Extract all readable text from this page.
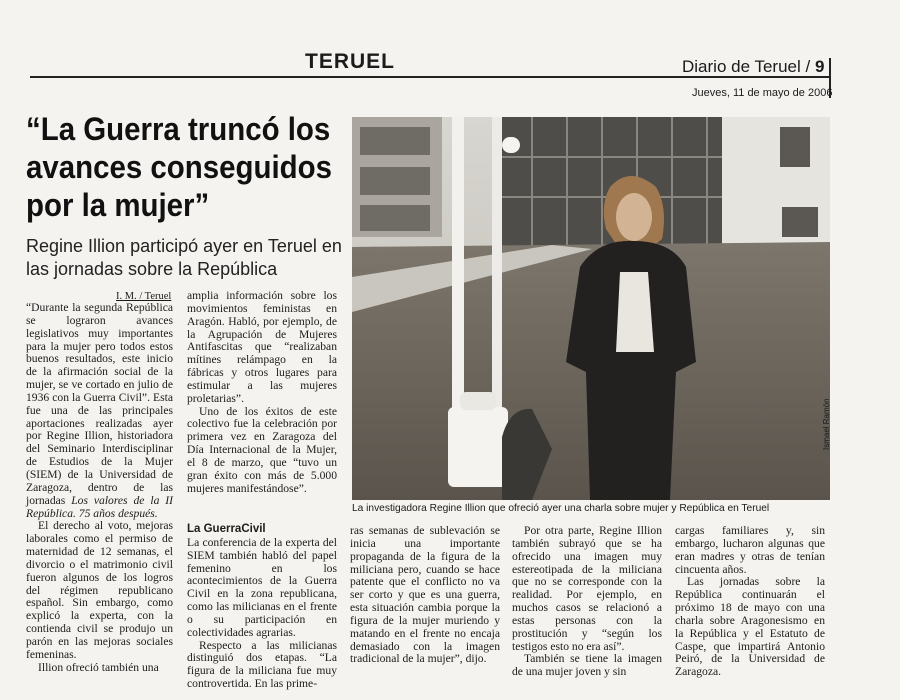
TERUEL	Diario de Teruel / 9
Jueves, 11 de mayo de 2006
“La Guerra truncó los avances conseguidos por la mujer”
Regine Illion participó ayer en Teruel en las jornadas sobre la República
I. M. / Teruel

“Durante la segunda República se lograron avances legislativos muy importantes para la mujer pero todos estos buenos resultados, este inicio de la afirmación social de la mujer, se ve cortado en julio de 1936 con la Guerra Civil”. Esta fue una de las principales aportaciones realizadas ayer por Regine Illion, historiadora del Seminario Interdisciplinar de Estudios de la Mujer (SIEM) de la Universidad de Zaragoza, dentro de las jornadas Los valores de la II República. 75 años después.

El derecho al voto, mejoras laborales como el permiso de maternidad de 12 semanas, el divorcio o el matrimonio civil fueron algunos de los logros del régimen republicano español. Sin embargo, como explicó la experta, con la contienda civil se produjo un parón en las mejoras sociales femeninas.

Illion ofreció también una

amplia información sobre los movimientos feministas en Aragón. Habló, por ejemplo, de la Agrupación de Mujeres Antifascitas que “realizaban mítines relámpago en la fábricas y otros lugares para estimular a las mujeres proletarias”.

Uno de los éxitos de este colectivo fue la celebración por primera vez en Zaragoza del Día Internacional de la Mujer, el 8 de marzo, que “tuvo un gran éxito con más de 5.000 mujeres manifestándose”.

La GuerraCivil

La conferencia de la experta del SIEM también habló del papel femenino en los acontecimientos de la Guerra Civil en la zona republicana, como las milicianas en el frente o su participación en colectividades agrarias.

Respecto a las milicianas distinguió dos etapas. “La figura de la miliciana fue muy controvertida. En las prime-

ras semanas de sublevación se inicia una importante propaganda de la figura de la miliciana pero, cuando se hace patente que el conflicto no va ser corto y que es una guerra, esta situación cambia porque la figura de la mujer muriendo y matando en el frente no encaja demasiado con la imagen tradicional de la mujer”, dijo.

Por otra parte, Regine Illion también subrayó que se ha ofrecido una imagen muy estereotipada de la miliciana que no se corresponde con la realidad. Por ejemplo, en muchos casos se relacionó a estas personas con la prostitución y “según los testigos esto no era así”.

También se tiene la imagen de una mujer joven y sin

cargas familiares y, sin embargo, lucharon algunas que eran madres y otras de tenían cincuenta años.

Las jornadas sobre la República continuarán el próximo 18 de mayo con una charla sobre Aragonesismo en la República y el Estatuto de Caspe, que impartirá Antonio Peiró, de la Universidad de Zaragoza.

La investigadora Regine Illion que ofreció ayer una charla sobre mujer y República en Teruel
Ismael Ramón
